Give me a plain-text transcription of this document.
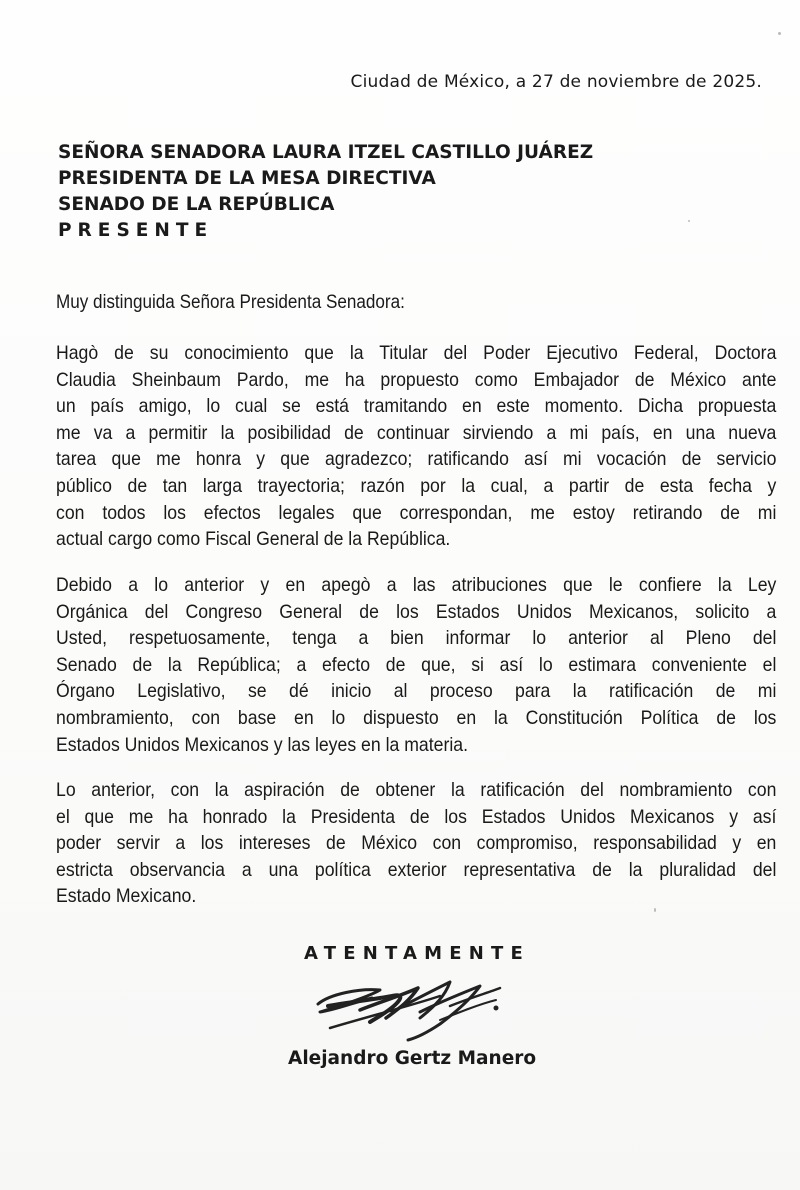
Ciudad de México, a 27 de noviembre de 2025.
SEÑORA SENADORA LAURA ITZEL CASTILLO JUÁREZ
PRESIDENTA DE LA MESA DIRECTIVA
SENADO DE LA REPÚBLICA
PRESENTE
Muy distinguida Señora Presidenta Senadora:
Hagò de su conocimiento que la Titular del Poder Ejecutivo Federal, Doctora
Claudia Sheinbaum Pardo, me ha propuesto como Embajador de México ante
un país amigo, lo cual se está tramitando en este momento. Dicha propuesta
me va a permitir la posibilidad de continuar sirviendo a mi país, en una nueva
tarea que me honra y que agradezco; ratificando así mi vocación de servicio
público de tan larga trayectoria; razón por la cual, a partir de esta fecha y
con todos los efectos legales que correspondan, me estoy retirando de mi
actual cargo como Fiscal General de la República.
Debido a lo anterior y en apegò a las atribuciones que le confiere la Ley
Orgánica del Congreso General de los Estados Unidos Mexicanos, solicito a
Usted, respetuosamente, tenga a bien informar lo anterior al Pleno del
Senado de la República; a efecto de que, si así lo estimara conveniente el
Órgano Legislativo, se dé inicio al proceso para la ratificación de mi
nombramiento, con base en lo dispuesto en la Constitución Política de los
Estados Unidos Mexicanos y las leyes en la materia.
Lo anterior, con la aspiración de obtener la ratificación del nombramiento con
el que me ha honrado la Presidenta de los Estados Unidos Mexicanos y así
poder servir a los intereses de México con compromiso, responsabilidad y en
estricta observancia a una política exterior representativa de la pluralidad del
Estado Mexicano.
ATENTAMENTE
Alejandro Gertz Manero
